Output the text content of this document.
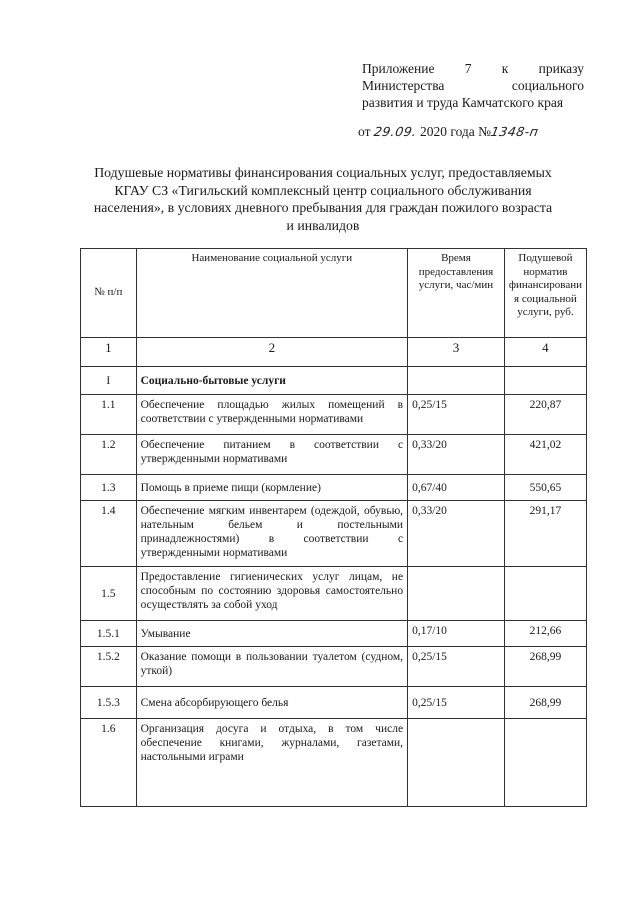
Приложение 7 к приказу
Министерства	социального
развития и труда Камчатского края
от 29.09. 2020 года №1348-п
Подушевые нормативы финансирования социальных услуг, предоставляемых
КГАУ СЗ «Тигильский комплексный центр социального обслуживания
населения», в условиях дневного пребывания для граждан пожилого возраста
и инвалидов
№ п/п	Наименование социальной услуги	Время предоставления услуги, час/мин	Подушевой норматив финансировани я социальной услуги, руб.
1	2	3	4
I	Социально-бытовые услуги		
1.1	Обеспечение площадью жилых помещений в соответствии с утвержденными нормативами	0,25/15	220,87
1.2	Обеспечение питанием в соответствии с утвержденными нормативами	0,33/20	421,02
1.3	Помощь в приеме пищи (кормление)	0,67/40	550,65
1.4	Обеспечение мягким инвентарем (одеждой, обувью, нательным бельем и постельными принадлежностями) в соответствии с утвержденными нормативами	0,33/20	291,17
1.5	Предоставление гигиенических услуг лицам, не способным по состоянию здоровья самостоятельно осуществлять за собой уход		
1.5.1	Умывание	0,17/10	212,66
1.5.2	Оказание помощи в пользовании туалетом (судном, уткой)	0,25/15	268,99
1.5.3	Смена абсорбирующего белья	0,25/15	268,99
1.6	Организация досуга и отдыха, в том числе обеспечение книгами, журналами, газетами, настольными играми		
